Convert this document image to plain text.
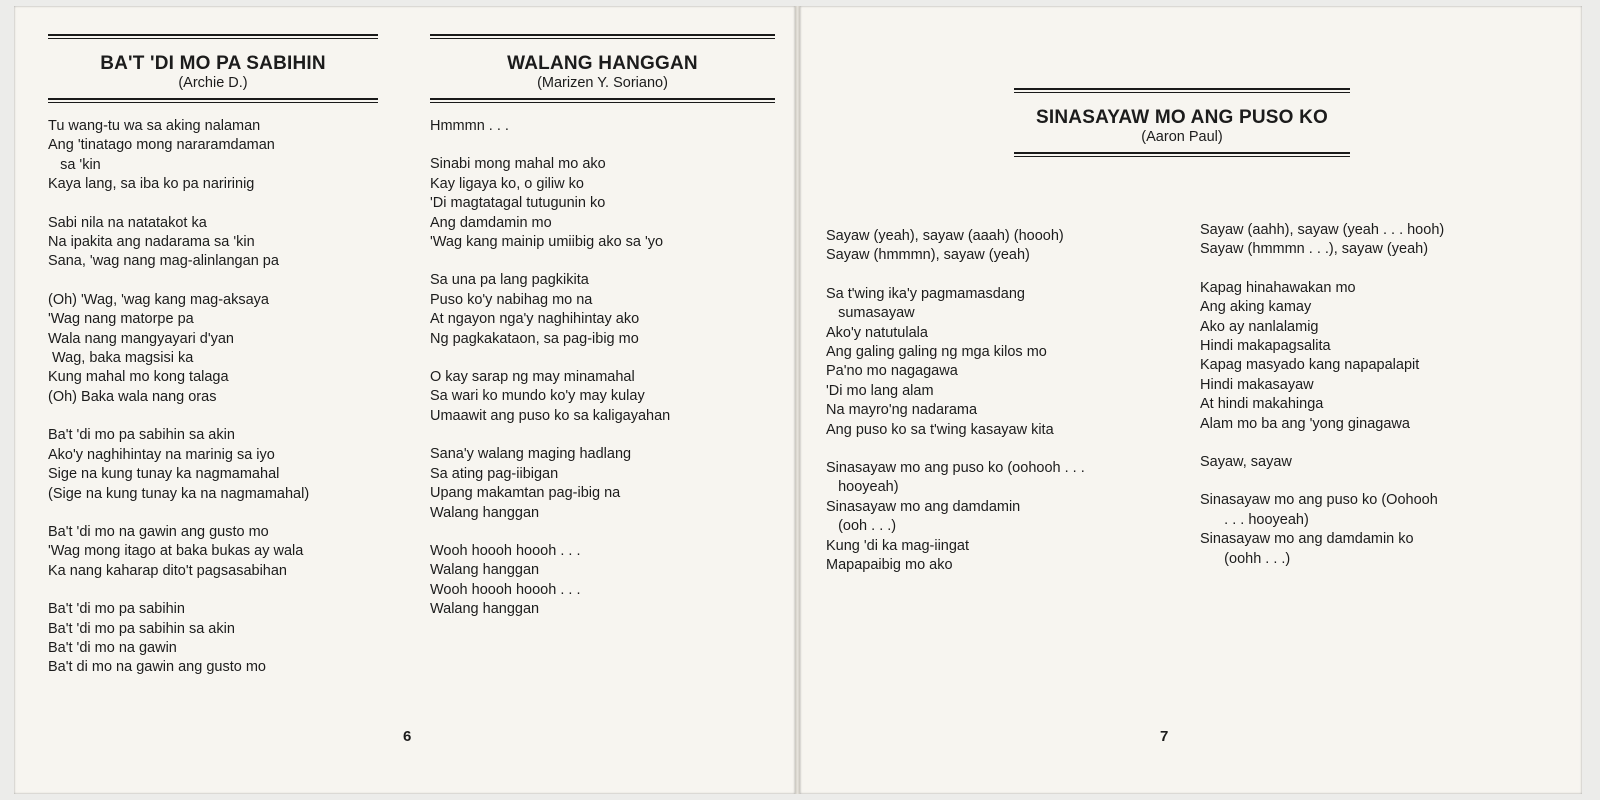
BA'T 'DI MO PA SABIHIN
(Archie D.)
Tu wang-tu wa sa aking nalaman
Ang 'tinatago mong nararamdaman
sa 'kin
Kaya lang, sa iba ko pa naririnig
Sabi nila na natatakot ka
Na ipakita ang nadarama sa 'kin
Sana, 'wag nang mag-alinlangan pa
(Oh) 'Wag, 'wag kang mag-aksaya
'Wag nang matorpe pa
Wala nang mangyayari d'yan
Wag, baka magsisi ka
Kung mahal mo kong talaga
(Oh) Baka wala nang oras
Ba't 'di mo pa sabihin sa akin
Ako'y naghihintay na marinig sa iyo
Sige na kung tunay ka nagmamahal
(Sige na kung tunay ka na nagmamahal)
Ba't 'di mo na gawin ang gusto mo
'Wag mong itago at baka bukas ay wala
Ka nang kaharap dito't pagsasabihan
Ba't 'di mo pa sabihin
Ba't 'di mo pa sabihin sa akin
Ba't 'di mo na gawin
Ba't di mo na gawin ang gusto mo
WALANG HANGGAN
(Marizen Y. Soriano)
Hmmmn . . .
Sinabi mong mahal mo ako
Kay ligaya ko, o giliw ko
'Di magtatagal tutugunin ko
Ang damdamin mo
'Wag kang mainip umiibig ako sa 'yo
Sa una pa lang pagkikita
Puso ko'y nabihag mo na
At ngayon nga'y naghihintay ako
Ng pagkakataon, sa pag-ibig mo
O kay sarap ng may minamahal
Sa wari ko mundo ko'y may kulay
Umaawit ang puso ko sa kaligayahan
Sana'y walang maging hadlang
Sa ating pag-iibigan
Upang makamtan pag-ibig na
Walang hanggan
Wooh hoooh hoooh . . .
Walang hanggan
Wooh hoooh hoooh . . .
Walang hanggan
6
SINASAYAW MO ANG PUSO KO
(Aaron Paul)
Sayaw (yeah), sayaw (aaah) (hoooh)
Sayaw (hmmmn), sayaw (yeah)
Sa t'wing ika'y pagmamasdang
sumasayaw
Ako'y natutulala
Ang galing galing ng mga kilos mo
Pa'no mo nagagawa
'Di mo lang alam
Na mayro'ng nadarama
Ang puso ko sa t'wing kasayaw kita
Sinasayaw mo ang puso ko (oohooh . . .
hooyeah)
Sinasayaw mo ang damdamin
(ooh . . .)
Kung 'di ka mag-iingat
Mapapaibig mo ako
Sayaw (aahh), sayaw (yeah . . . hooh)
Sayaw (hmmmn . . .), sayaw (yeah)
Kapag hinahawakan mo
Ang aking kamay
Ako ay nanlalamig
Hindi makapagsalita
Kapag masyado kang napapalapit
Hindi makasayaw
At hindi makahinga
Alam mo ba ang 'yong ginagawa
Sayaw, sayaw
Sinasayaw mo ang puso ko (Oohooh
. . . hooyeah)
Sinasayaw mo ang damdamin ko
(oohh . . .)
7
